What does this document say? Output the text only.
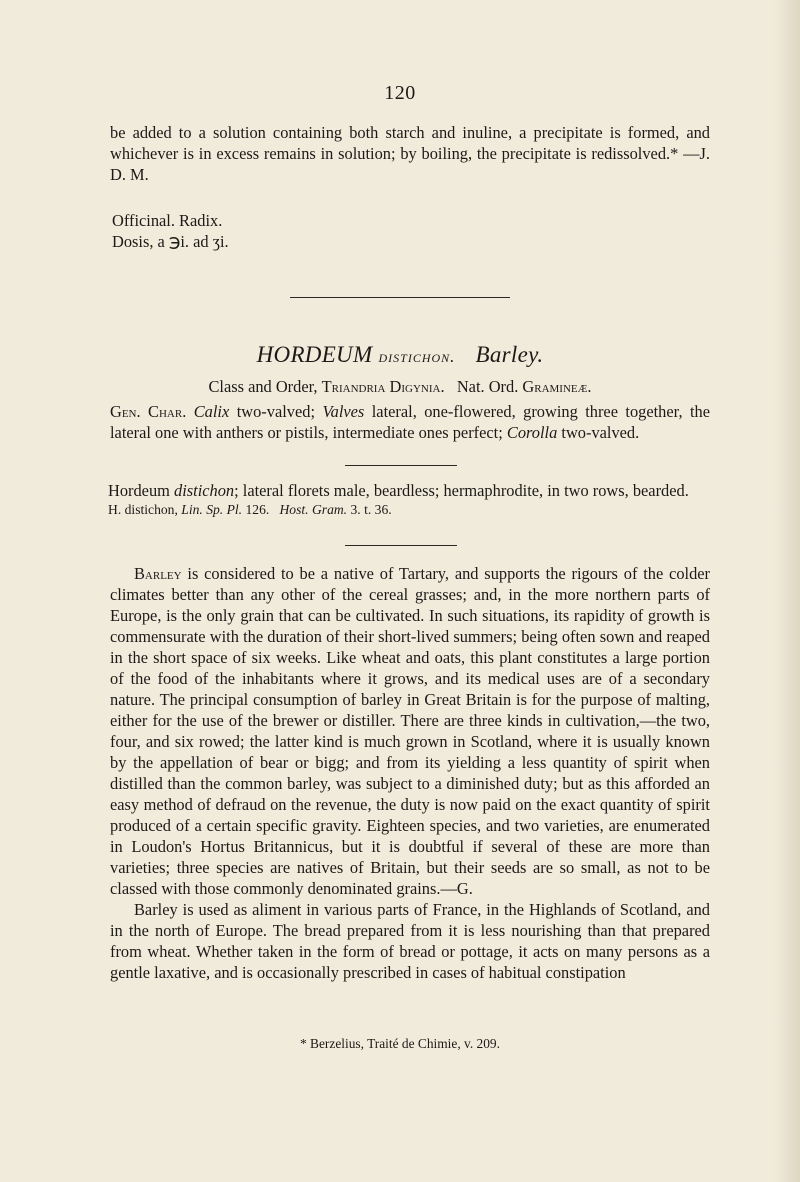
120

be added to a solution containing both starch and inuline, a precipitate is formed, and whichever is in excess remains in solution; by boiling, the precipitate is redissolved.* —J. D. M.

Officinal. Radix.

Dosis, a ℈i. ad ʒi.

HORDEUM distichon. Barley.
Class and Order, Triandria Digynia. Nat. Ord. Gramineæ.

Gen. Char. Calix two-valved; Valves lateral, one-flowered, growing three together, the lateral one with anthers or pistils, intermediate ones perfect; Corolla two-valved.

Hordeum distichon; lateral florets male, beardless; hermaphrodite, in two rows, bearded.

H. distichon, Lin. Sp. Pl. 126. Host. Gram. 3. t. 36.

Barley is considered to be a native of Tartary, and supports the rigours of the colder climates better than any other of the cereal grasses; and, in the more northern parts of Europe, is the only grain that can be cultivated. In such situations, its rapidity of growth is commensurate with the duration of their short-lived summers; being often sown and reaped in the short space of six weeks. Like wheat and oats, this plant constitutes a large portion of the food of the inhabitants where it grows, and its medical uses are of a secondary nature. The principal consumption of barley in Great Britain is for the purpose of malting, either for the use of the brewer or distiller. There are three kinds in cultivation,—the two, four, and six rowed; the latter kind is much grown in Scotland, where it is usually known by the appellation of bear or bigg; and from its yielding a less quantity of spirit when distilled than the common barley, was subject to a diminished duty; but as this afforded an easy method of defraud on the revenue, the duty is now paid on the exact quantity of spirit produced of a certain specific gravity. Eighteen species, and two varieties, are enumerated in Loudon's Hortus Britannicus, but it is doubtful if several of these are more than varieties; three species are natives of Britain, but their seeds are so small, as not to be classed with those commonly denominated grains.—G.

Barley is used as aliment in various parts of France, in the Highlands of Scotland, and in the north of Europe. The bread prepared from it is less nourishing than that prepared from wheat. Whether taken in the form of bread or pottage, it acts on many persons as a gentle laxative, and is occasionally prescribed in cases of habitual constipation

* Berzelius, Traité de Chimie, v. 209.
